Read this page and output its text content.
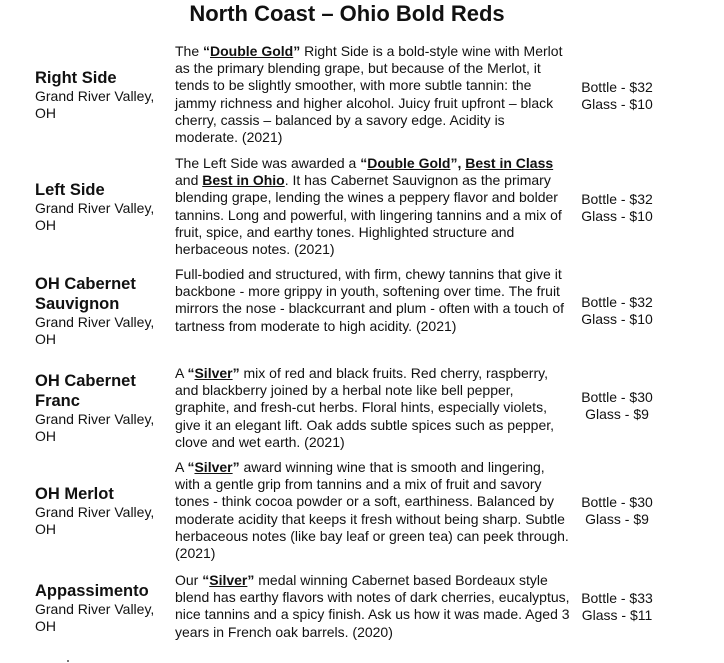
North Coast – Ohio Bold Reds
Right Side
Grand River Valley,
OH
The “Double Gold” Right Side is a bold-style wine with Merlot as the primary blending grape, but because of the Merlot, it tends to be slightly smoother, with more subtle tannin: the jammy richness and higher alcohol. Juicy fruit upfront – black cherry, cassis – balanced by a savory edge. Acidity is moderate. (2021)
Bottle - $32
Glass - $10
Left Side
Grand River Valley,
OH
The Left Side was awarded a “Double Gold”, Best in Class and Best in Ohio. It has Cabernet Sauvignon as the primary blending grape, lending the wines a peppery flavor and bolder tannins. Long and powerful, with lingering tannins and a mix of fruit, spice, and earthy tones. Highlighted structure and herbaceous notes. (2021)
Bottle - $32
Glass - $10
OH Cabernet Sauvignon
Grand River Valley,
OH
Full-bodied and structured, with firm, chewy tannins that give it backbone - more grippy in youth, softening over time. The fruit mirrors the nose - blackcurrant and plum - often with a touch of tartness from moderate to high acidity. (2021)
Bottle - $32
Glass - $10
OH Cabernet Franc
Grand River Valley,
OH
A “Silver” mix of red and black fruits. Red cherry, raspberry, and blackberry joined by a herbal note like bell pepper, graphite, and fresh-cut herbs. Floral hints, especially violets, give it an elegant lift. Oak adds subtle spices such as pepper, clove and wet earth. (2021)
Bottle - $30
Glass - $9
OH Merlot
Grand River Valley,
OH
A “Silver” award winning wine that is smooth and lingering, with a gentle grip from tannins and a mix of fruit and savory tones - think cocoa powder or a soft, earthiness. Balanced by moderate acidity that keeps it fresh without being sharp. Subtle herbaceous notes (like bay leaf or green tea) can peek through. (2021)
Bottle - $30
Glass - $9
Appassimento
Grand River Valley,
OH
Our “Silver” medal winning Cabernet based Bordeaux style blend has earthy flavors with notes of dark cherries, eucalyptus, nice tannins and a spicy finish. Ask us how it was made. Aged 3 years in French oak barrels. (2020)
Bottle - $33
Glass - $11
